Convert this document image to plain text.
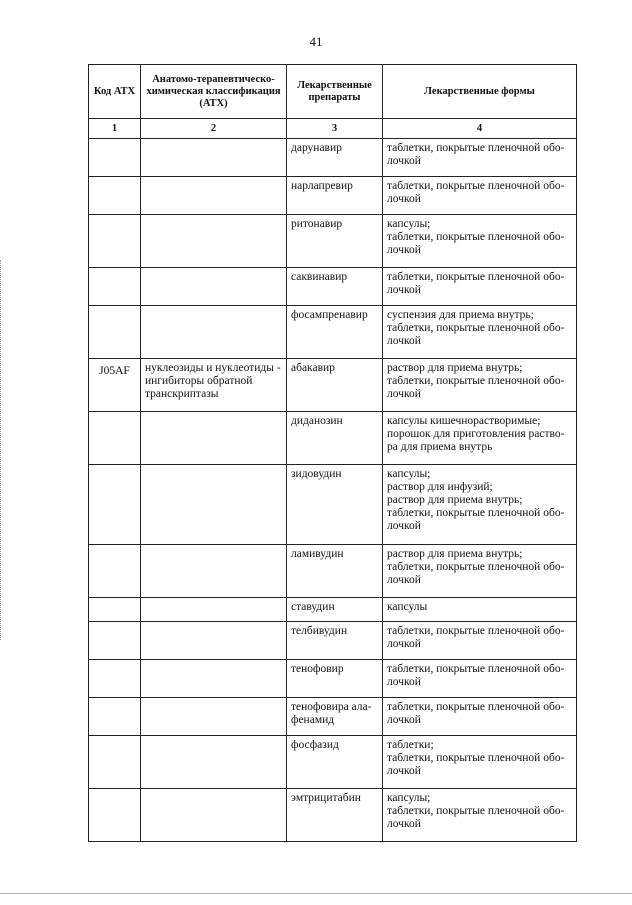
41
Код АТХ	Анатомо-терапевтическо-химическая классификация (АТХ)	Лекарственные препараты	Лекарственные формы
1	2	3	4
		дарунавир	таблетки, покрытые пленочной обо-
лочкой

		нарлапревир	таблетки, покрытые пленочной обо-
лочкой

		ритонавир	капсулы;
таблетки, покрытые пленочной обо-
лочкой

		саквинавир	таблетки, покрытые пленочной обо-
лочкой

		фосампренавир	суспензия для приема внутрь;
таблетки, покрытые пленочной обо-
лочкой

J05AF	нуклеозиды и нуклеотиды - ингибиторы обратной транскриптазы	абакавир	раствор для приема внутрь;
таблетки, покрытые пленочной обо-
лочкой

		диданозин	капсулы кишечнорастворимые;
порошок для приготовления раство-
ра для приема внутрь

		зидовудин	капсулы;
раствор для инфузий;
раствор для приема внутрь;
таблетки, покрытые пленочной обо-
лочкой

		ламивудин	раствор для приема внутрь;
таблетки, покрытые пленочной обо-
лочкой

		ставудин	капсулы

		телбивудин	таблетки, покрытые пленочной обо-
лочкой

		тенофовир	таблетки, покрытые пленочной обо-
лочкой

		тенофовира ала-фенамид	таблетки, покрытые пленочной обо-
лочкой

		фосфазид	таблетки;
таблетки, покрытые пленочной обо-
лочкой

		эмтрицитабин	капсулы;
таблетки, покрытые пленочной обо-
лочкой
